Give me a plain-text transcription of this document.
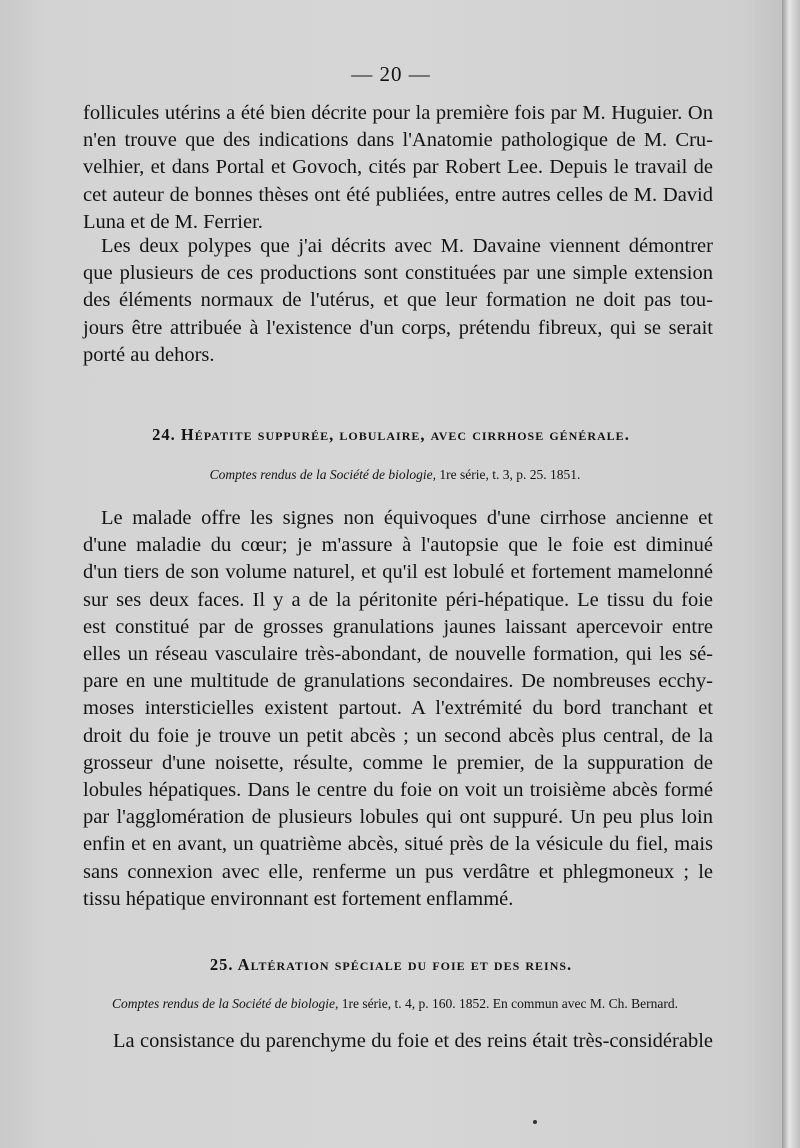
— 20 —
follicules utérins a été bien décrite pour la première fois par M. Huguier. On
n'en trouve que des indications dans l'Anatomie pathologique de M. Cru-
velhier, et dans Portal et Govoch, cités par Robert Lee. Depuis le travail de
cet auteur de bonnes thèses ont été publiées, entre autres celles de M. David
Luna et de M. Ferrier.
Les deux polypes que j'ai décrits avec M. Davaine viennent démontrer
que plusieurs de ces productions sont constituées par une simple extension
des éléments normaux de l'utérus, et que leur formation ne doit pas tou-
jours être attribuée à l'existence d'un corps, prétendu fibreux, qui se serait
porté au dehors.
24. Hépatite suppurée, lobulaire, avec cirrhose générale.
Comptes rendus de la Société de biologie, 1re série, t. 3, p. 25. 1851.
Le malade offre les signes non équivoques d'une cirrhose ancienne et
d'une maladie du cœur; je m'assure à l'autopsie que le foie est diminué
d'un tiers de son volume naturel, et qu'il est lobulé et fortement mamelonné
sur ses deux faces. Il y a de la péritonite péri-hépatique. Le tissu du foie
est constitué par de grosses granulations jaunes laissant apercevoir entre
elles un réseau vasculaire très-abondant, de nouvelle formation, qui les sé-
pare en une multitude de granulations secondaires. De nombreuses ecchy-
moses intersticielles existent partout. A l'extrémité du bord tranchant et
droit du foie je trouve un petit abcès ; un second abcès plus central, de la
grosseur d'une noisette, résulte, comme le premier, de la suppuration de
lobules hépatiques. Dans le centre du foie on voit un troisième abcès formé
par l'agglomération de plusieurs lobules qui ont suppuré. Un peu plus loin
enfin et en avant, un quatrième abcès, situé près de la vésicule du fiel, mais
sans connexion avec elle, renferme un pus verdâtre et phlegmoneux ; le
tissu hépatique environnant est fortement enflammé.
25. Altération spéciale du foie et des reins.
Comptes rendus de la Société de biologie, 1re série, t. 4, p. 160. 1852. En commun avec M. Ch. Bernard.
La consistance du parenchyme du foie et des reins était très-considérable
